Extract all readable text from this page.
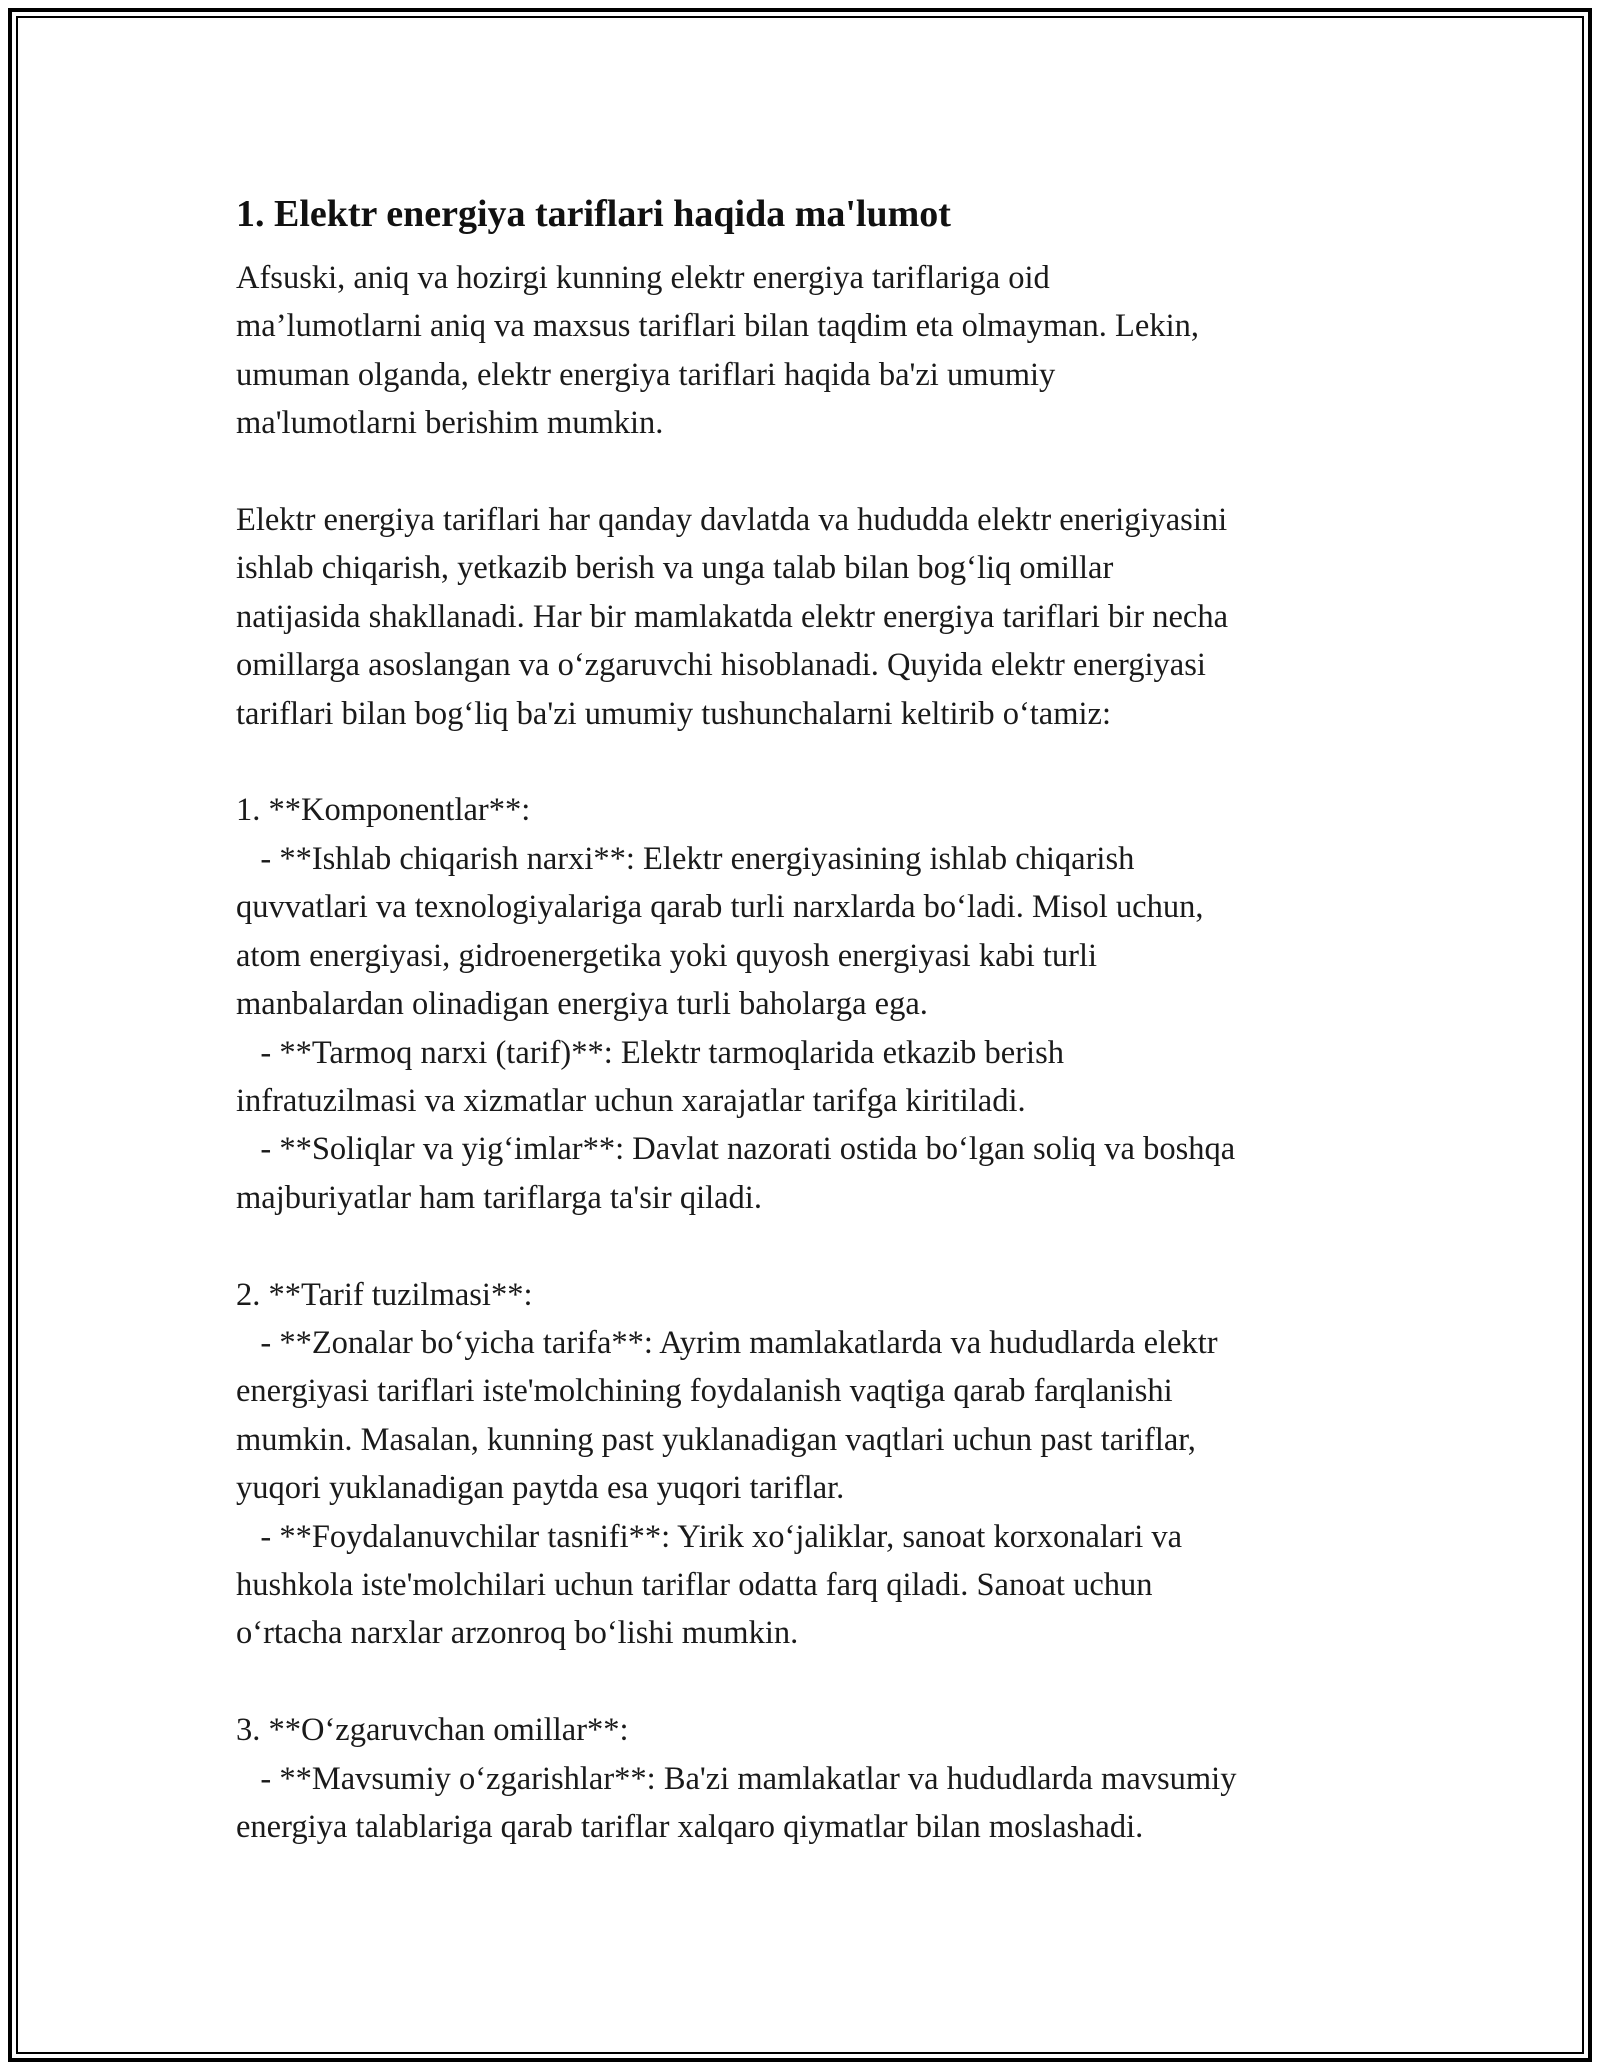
1. Elektr energiya tariflari haqida ma'lumot

Afsuski, aniq va hozirgi kunning elektr energiya tariflariga oid
ma’lumotlarni aniq va maxsus tariflari bilan taqdim eta olmayman. Lekin,
umuman olganda, elektr energiya tariflari haqida ba'zi umumiy
ma'lumotlarni berishim mumkin.

Elektr energiya tariflari har qanday davlatda va hududda elektr enerigiyasini
ishlab chiqarish, yetkazib berish va unga talab bilan bog‘liq omillar
natijasida shakllanadi. Har bir mamlakatda elektr energiya tariflari bir necha
omillarga asoslangan va o‘zgaruvchi hisoblanadi. Quyida elektr energiyasi
tariflari bilan bog‘liq ba'zi umumiy tushunchalarni keltirib o‘tamiz:

1. **Komponentlar**:
- **Ishlab chiqarish narxi**: Elektr energiyasining ishlab chiqarish
quvvatlari va texnologiyalariga qarab turli narxlarda bo‘ladi. Misol uchun,
atom energiyasi, gidroenergetika yoki quyosh energiyasi kabi turli
manbalardan olinadigan energiya turli baholarga ega.
- **Tarmoq narxi (tarif)**: Elektr tarmoqlarida etkazib berish
infratuzilmasi va xizmatlar uchun xarajatlar tarifga kiritiladi.
- **Soliqlar va yig‘imlar**: Davlat nazorati ostida bo‘lgan soliq va boshqa
majburiyatlar ham tariflarga ta'sir qiladi.

2. **Tarif tuzilmasi**:
- **Zonalar bo‘yicha tarifa**: Ayrim mamlakatlarda va hududlarda elektr
energiyasi tariflari iste'molchining foydalanish vaqtiga qarab farqlanishi
mumkin. Masalan, kunning past yuklanadigan vaqtlari uchun past tariflar,
yuqori yuklanadigan paytda esa yuqori tariflar.
- **Foydalanuvchilar tasnifi**: Yirik xo‘jaliklar, sanoat korxonalari va
hushkola iste'molchilari uchun tariflar odatta farq qiladi. Sanoat uchun
o‘rtacha narxlar arzonroq bo‘lishi mumkin.

3. **O‘zgaruvchan omillar**:
- **Mavsumiy o‘zgarishlar**: Ba'zi mamlakatlar va hududlarda mavsumiy
energiya talablariga qarab tariflar xalqaro qiymatlar bilan moslashadi.
